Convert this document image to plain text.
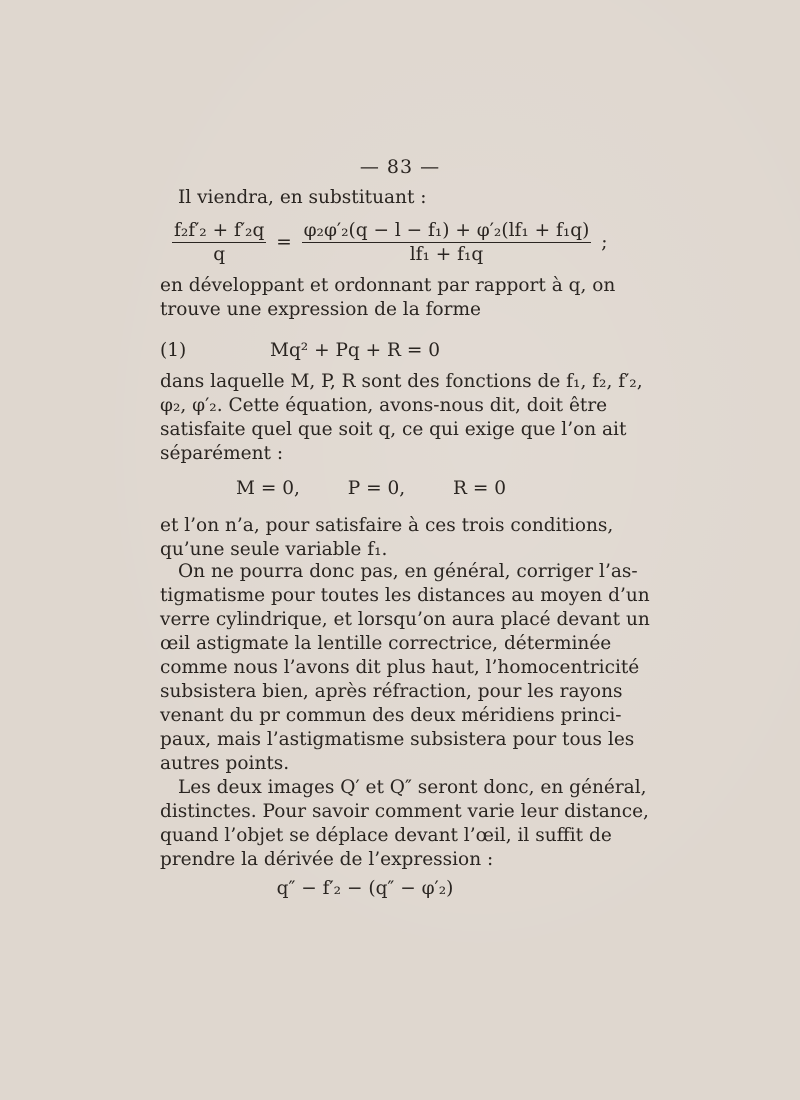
— 83 —
Il viendra, en substituant :
$\frac{\text{f₂f′₂ + f′₂q}}{q} = \frac{\text{φ₂φ′₂(q − l − f₁) + φ′₂(lf₁ + f₁q)}}{\text{lf₁ + f₁q}}$ ;
en développant et ordonnant par rapport à q, on
trouve une expression de la forme
(1)	Mq² + Pq + R = 0
dans laquelle M, P, R sont des fonctions de f₁, f₂, f′₂,
φ₂, φ′₂. Cette équation, avons-nous dit, doit être
satisfaite quel que soit q, ce qui exige que l’on ait
séparément :
M = 0,	P = 0,	R = 0
et l’on n’a, pour satisfaire à ces trois conditions,
qu’une seule variable f₁.
On ne pourra donc pas, en général, corriger l’as-
tigmatisme pour toutes les distances au moyen d’un
verre cylindrique, et lorsqu’on aura placé devant un
œil astigmate la lentille correctrice, déterminée
comme nous l’avons dit plus haut, l’homocentricité
subsistera bien, après réfraction, pour les rayons
venant du pr commun des deux méridiens princi-
paux, mais l’astigmatisme subsistera pour tous les
autres points.
Les deux images Q′ et Q″ seront donc, en général,
distinctes. Pour savoir comment varie leur distance,
quand l’objet se déplace devant l’œil, il suffit de
prendre la dérivée de l’expression :
q″ − f′₂ − (q″ − φ′₂)
